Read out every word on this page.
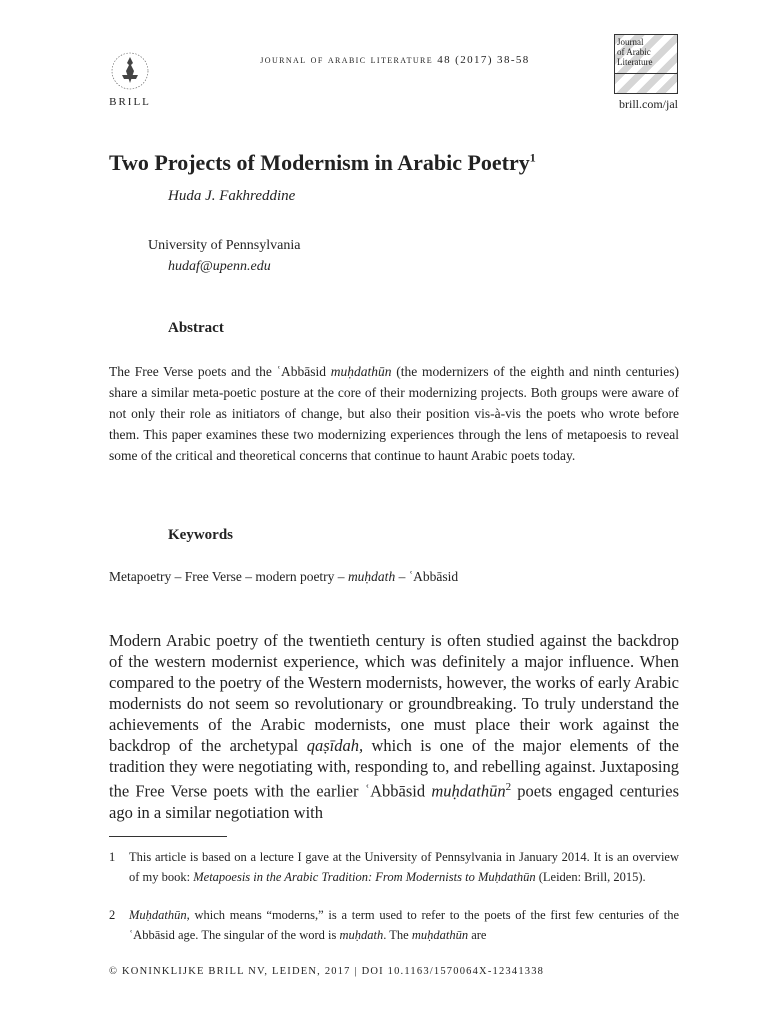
BRILL
journal of arabic literature 48 (2017) 38-58
Journal
of Arabic
Literature
brill.com/jal
Two Projects of Modernism in Arabic Poetry$^1$
Huda J. Fakhreddine
University of Pennsylvania
hudaf@upenn.edu
Abstract
The Free Verse poets and the ʿAbbāsid muḥdathūn (the modernizers of the eighth and ninth centuries) share a similar meta-poetic posture at the core of their modernizing projects. Both groups were aware of not only their role as initiators of change, but also their position vis-à-vis the poets who wrote before them. This paper examines these two modernizing experiences through the lens of metapoesis to reveal some of the critical and theoretical concerns that continue to haunt Arabic poets today.
Keywords
Metapoetry – Free Verse – modern poetry – muḥdath – ʿAbbāsid
Modern Arabic poetry of the twentieth century is often studied against the backdrop of the western modernist experience, which was definitely a major influence. When compared to the poetry of the Western modernists, however, the works of early Arabic modernists do not seem so revolutionary or groundbreaking. To truly understand the achievements of the Arabic modernists, one must place their work against the backdrop of the archetypal qaṣīdah, which is one of the major elements of the tradition they were negotiating with, responding to, and rebelling against. Juxtaposing the Free Verse poets with the earlier ʿAbbāsid muḥdathūn$^2$ poets engaged centuries ago in a similar negotiation with
1 This article is based on a lecture I gave at the University of Pennsylvania in January 2014. It is an overview of my book: Metapoesis in the Arabic Tradition: From Modernists to Muḥdathūn (Leiden: Brill, 2015).
2 Muḥdathūn, which means “moderns,” is a term used to refer to the poets of the first few centuries of the ʿAbbāsid age. The singular of the word is muḥdath. The muḥdathūn are
© KONINKLIJKE BRILL NV, LEIDEN, 2017 | DOI 10.1163/1570064X-12341338
